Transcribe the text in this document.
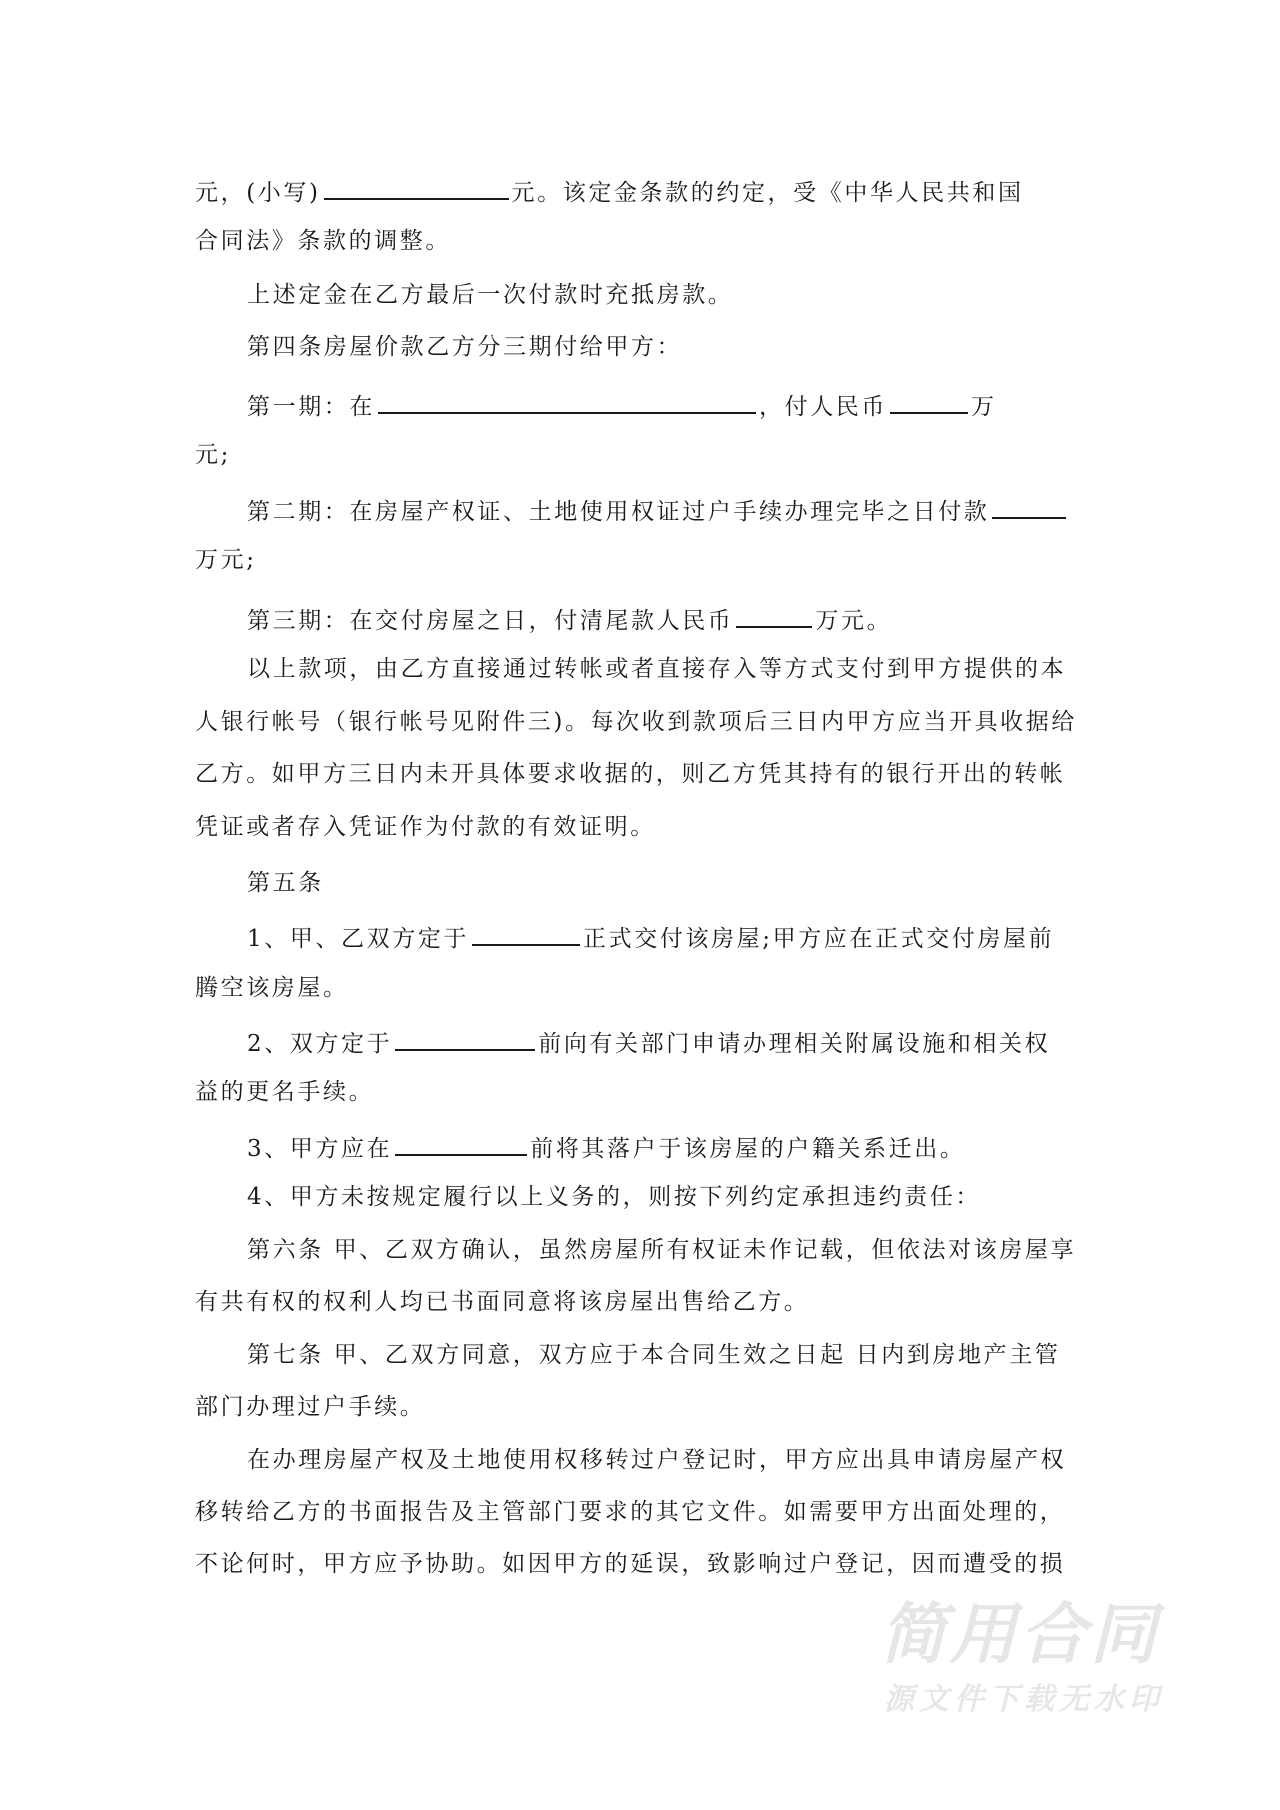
元，(小写)	元。该定金条款的约定，受《中华人民共和国
合同法》条款的调整。
上述定金在乙方最后一次付款时充抵房款。
第四条房屋价款乙方分三期付给甲方：
第一期：在	，付人民币	万
元;
第二期：在房屋产权证、土地使用权证过户手续办理完毕之日付款
万元;
第三期：在交付房屋之日，付清尾款人民币	万元。
以上款项，由乙方直接通过转帐或者直接存入等方式支付到甲方提供的本
人银行帐号（银行帐号见附件三)。每次收到款项后三日内甲方应当开具收据给
乙方。如甲方三日内未开具体要求收据的，则乙方凭其持有的银行开出的转帐
凭证或者存入凭证作为付款的有效证明。
第五条
1、甲、乙双方定于	正式交付该房屋;甲方应在正式交付房屋前
腾空该房屋。
2、双方定于	前向有关部门申请办理相关附属设施和相关权
益的更名手续。
3、甲方应在	前将其落户于该房屋的户籍关系迁出。
4、甲方未按规定履行以上义务的，则按下列约定承担违约责任：
第六条 甲、乙双方确认，虽然房屋所有权证未作记载，但依法对该房屋享
有共有权的权利人均已书面同意将该房屋出售给乙方。
第七条 甲、乙双方同意，双方应于本合同生效之日起 日内到房地产主管
部门办理过户手续。
在办理房屋产权及土地使用权移转过户登记时，甲方应出具申请房屋产权
移转给乙方的书面报告及主管部门要求的其它文件。如需要甲方出面处理的，
不论何时，甲方应予协助。如因甲方的延误，致影响过户登记，因而遭受的损
简用合同
源文件下载无水印
